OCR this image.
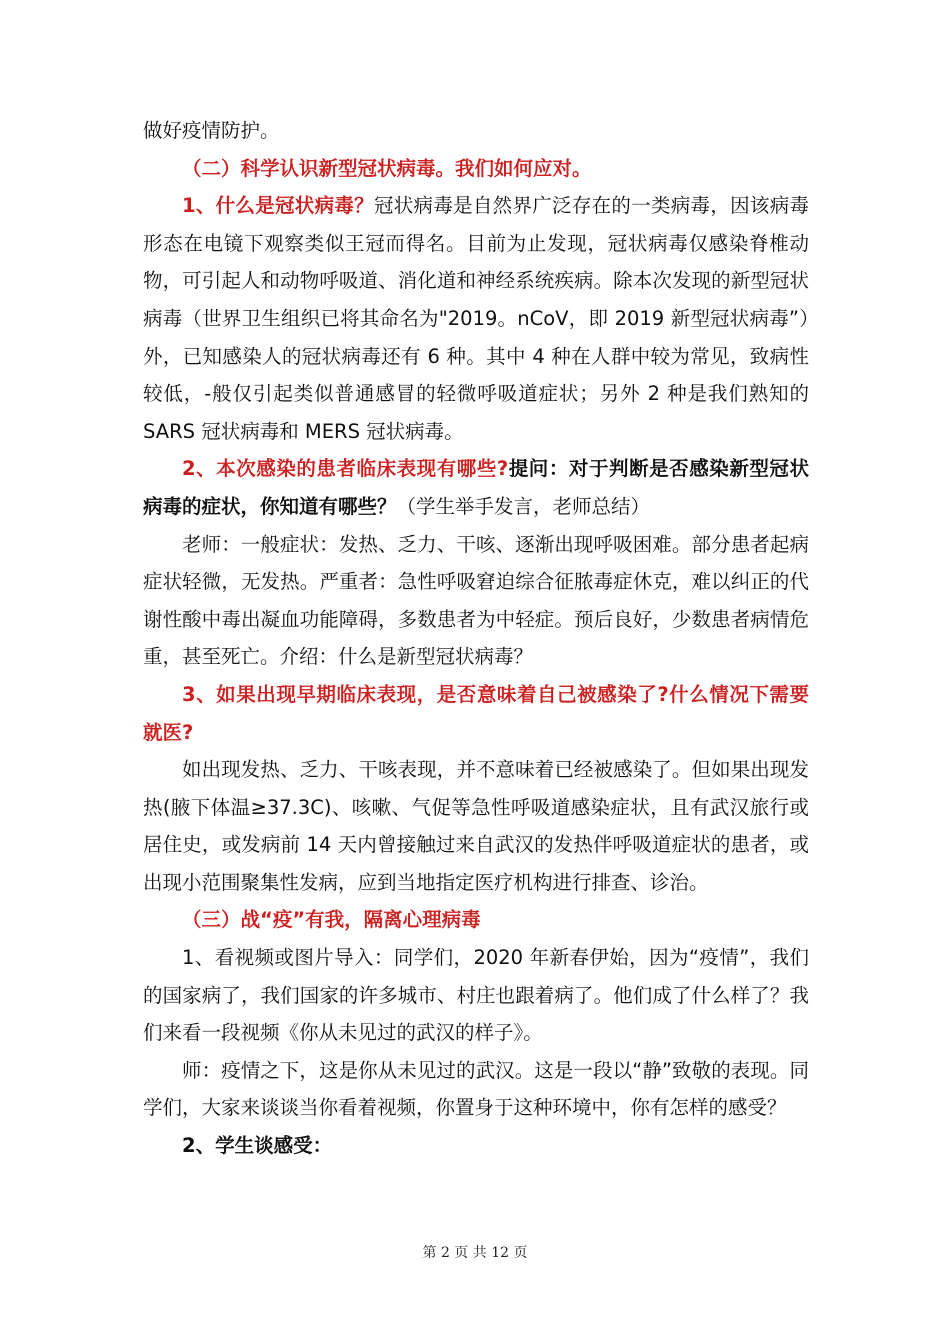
做好疫情防护。

（二）科学认识新型冠状病毒。我们如何应对。

1、什么是冠状病毒？冠状病毒是自然界广泛存在的一类病毒，因该病毒形态在电镜下观察类似王冠而得名。目前为止发现，冠状病毒仅感染脊椎动物，可引起人和动物呼吸道、消化道和神经系统疾病。除本次发现的新型冠状病毒（世界卫生组织已将其命名为"2019。nCoV，即 2019 新型冠状病毒”）外，已知感染人的冠状病毒还有 6 种。其中 4 种在人群中较为常见，致病性较低，-般仅引起类似普通感冒的轻微呼吸道症状；另外 2 种是我们熟知的 SARS 冠状病毒和 MERS 冠状病毒。

2、本次感染的患者临床表现有哪些?提问：对于判断是否感染新型冠状病毒的症状，你知道有哪些？（学生举手发言，老师总结）

老师：一般症状：发热、乏力、干咳、逐渐出现呼吸困难。部分患者起病症状轻微，无发热。严重者：急性呼吸窘迫综合征脓毒症休克，难以纠正的代谢性酸中毒出凝血功能障碍，多数患者为中轻症。预后良好，少数患者病情危重，甚至死亡。介绍：什么是新型冠状病毒？

3、如果出现早期临床表现，是否意味着自己被感染了?什么情况下需要就医?

如出现发热、乏力、干咳表现，并不意味着已经被感染了。但如果出现发热(腋下体温≥37.3C)、咳嗽、气促等急性呼吸道感染症状，且有武汉旅行或居住史，或发病前 14 天内曾接触过来自武汉的发热伴呼吸道症状的患者，或出现小范围聚集性发病，应到当地指定医疗机构进行排查、诊治。

（三）战“疫”有我，隔离心理病毒

1、看视频或图片导入：同学们，2020 年新春伊始，因为“疫情”，我们的国家病了，我们国家的许多城市、村庄也跟着病了。他们成了什么样了？我们来看一段视频《你从未见过的武汉的样子》。

师：疫情之下，这是你从未见过的武汉。这是一段以“静”致敬的表现。同学们，大家来谈谈当你看着视频，你置身于这种环境中，你有怎样的感受？

2、学生谈感受：

第 2 页 共 12 页
